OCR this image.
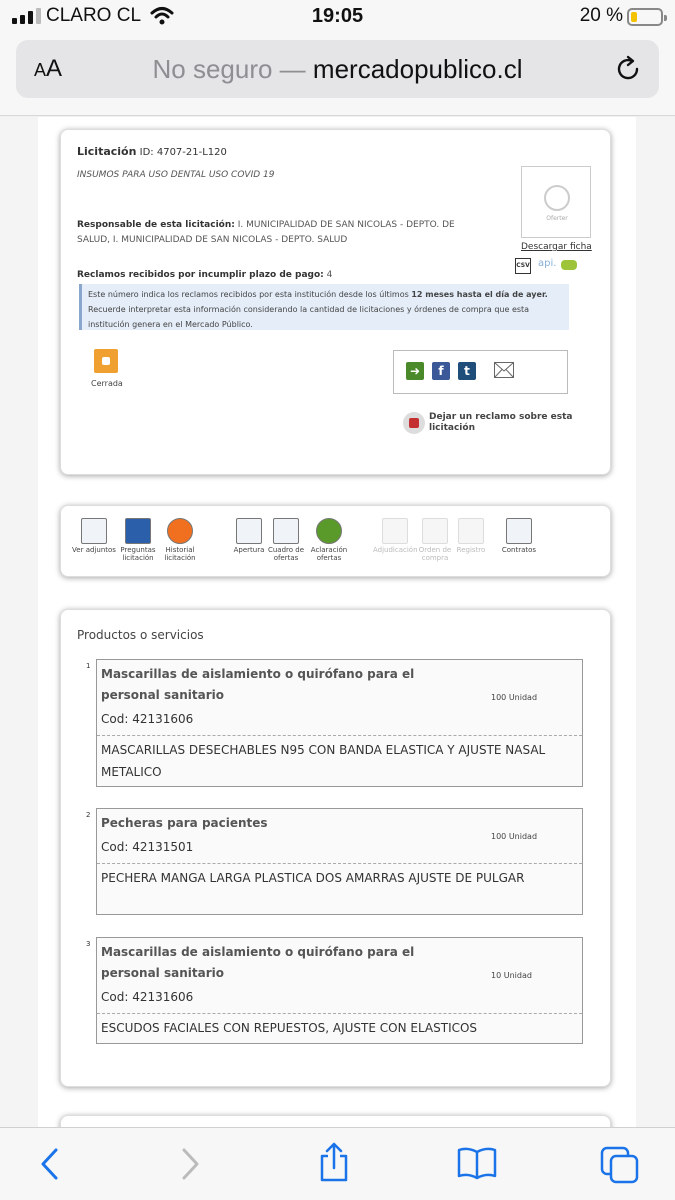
CLARO CL	19:05	20 %
AA	No seguro — mercadopublico.cl
Licitación ID: 4707-21-L120
INSUMOS PARA USO DENTAL USO COVID 19
Responsable de esta licitación: I. MUNICIPALIDAD DE SAN NICOLAS - DEPTO. DE SALUD, I. MUNICIPALIDAD DE SAN NICOLAS - DEPTO. SALUD
Reclamos recibidos por incumplir plazo de pago: 4
Este número indica los reclamos recibidos por esta institución desde los últimos 12 meses hasta el día de ayer. Recuerde interpretar esta información considerando la cantidad de licitaciones y órdenes de compra que esta institución genera en el Mercado Público.
Oferter
Descargar ficha
CSV api.
Cerrada
➜	f	t
Dejar un reclamo sobre esta licitación
Ver adjuntos Preguntas licitación
Historial licitación
Apertura Cuadro de ofertas
Aclaración ofertas
Adjudicación Orden de compra
Registro	Contratos
Productos o servicios
1
Mascarillas de aislamiento o quirófano para el personal sanitario	100 Unidad
Cod: 42131606
MASCARILLAS DESECHABLES N95 CON BANDA ELASTICA Y AJUSTE NASAL METALICO
2
Pecheras para pacientes
100 Unidad
Cod: 42131501
PECHERA MANGA LARGA PLASTICA DOS AMARRAS AJUSTE DE PULGAR
3
Mascarillas de aislamiento o quirófano para el personal sanitario	10 Unidad
Cod: 42131606
ESCUDOS FACIALES CON REPUESTOS, AJUSTE CON ELASTICOS
